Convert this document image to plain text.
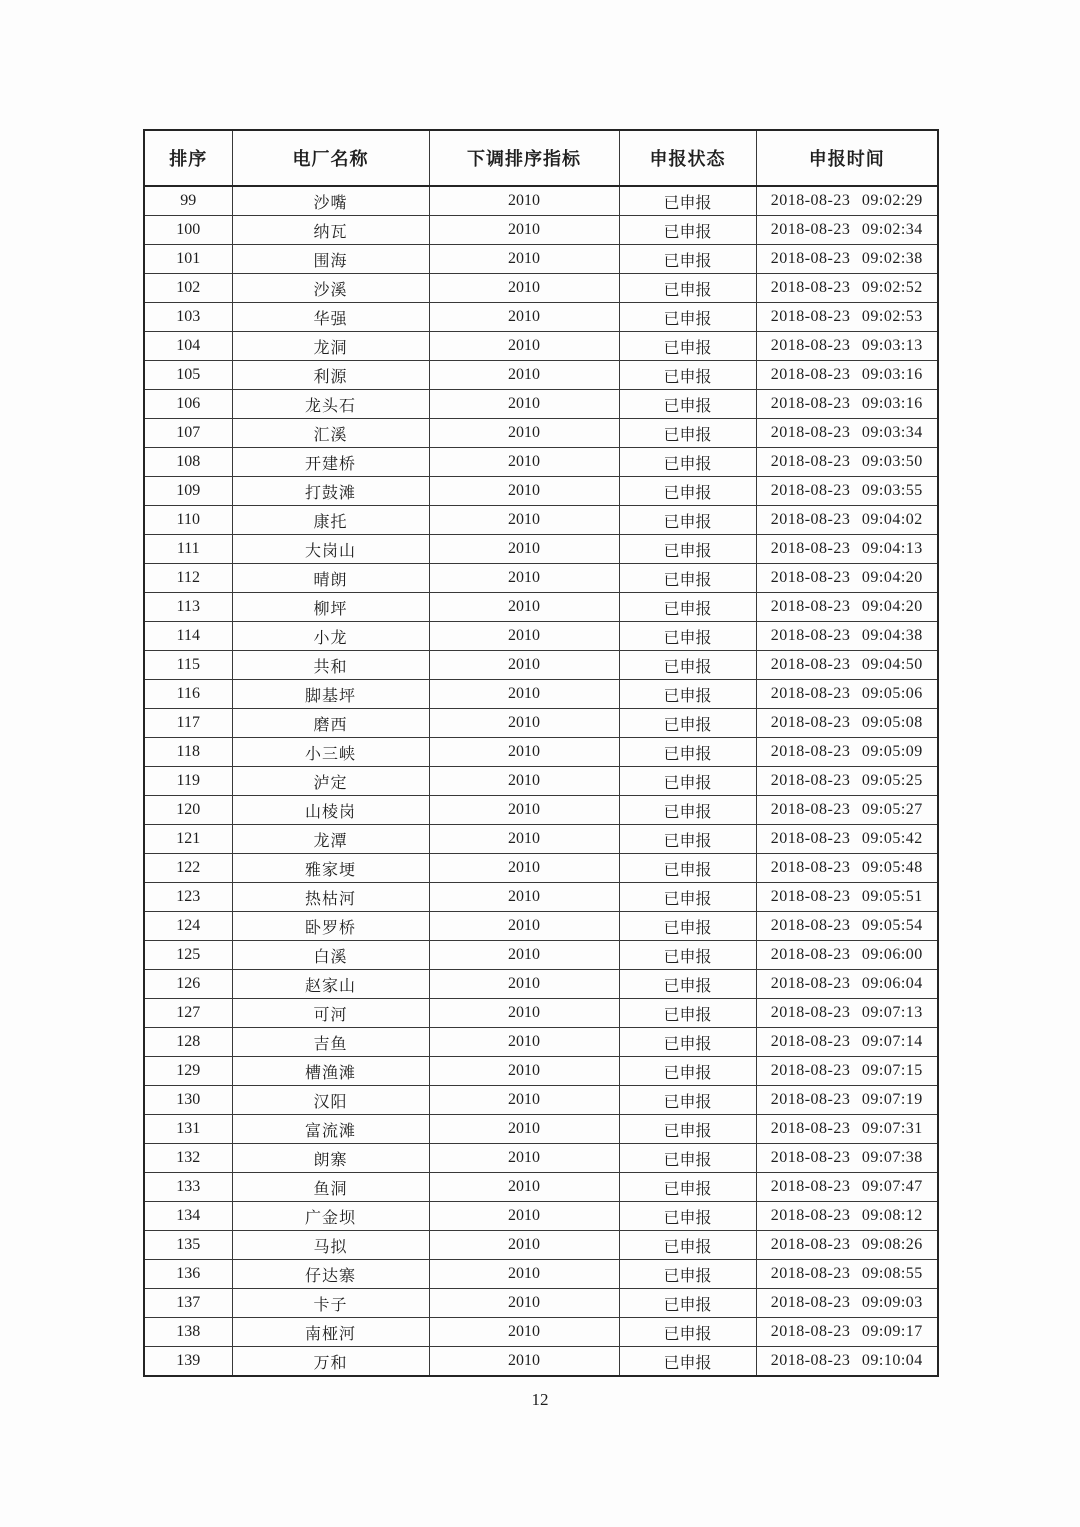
排序	电厂名称	下调排序指标	申报状态	申报时间
99	沙嘴	2010	已申报	2018-08-23 09:02:29
100	纳瓦	2010	已申报	2018-08-23 09:02:34
101	围海	2010	已申报	2018-08-23 09:02:38
102	沙溪	2010	已申报	2018-08-23 09:02:52
103	华强	2010	已申报	2018-08-23 09:02:53
104	龙洞	2010	已申报	2018-08-23 09:03:13
105	利源	2010	已申报	2018-08-23 09:03:16
106	龙头石	2010	已申报	2018-08-23 09:03:16
107	汇溪	2010	已申报	2018-08-23 09:03:34
108	开建桥	2010	已申报	2018-08-23 09:03:50
109	打鼓滩	2010	已申报	2018-08-23 09:03:55
110	康托	2010	已申报	2018-08-23 09:04:02
111	大岗山	2010	已申报	2018-08-23 09:04:13
112	晴朗	2010	已申报	2018-08-23 09:04:20
113	柳坪	2010	已申报	2018-08-23 09:04:20
114	小龙	2010	已申报	2018-08-23 09:04:38
115	共和	2010	已申报	2018-08-23 09:04:50
116	脚基坪	2010	已申报	2018-08-23 09:05:06
117	磨西	2010	已申报	2018-08-23 09:05:08
118	小三峡	2010	已申报	2018-08-23 09:05:09
119	泸定	2010	已申报	2018-08-23 09:05:25
120	山棱岗	2010	已申报	2018-08-23 09:05:27
121	龙潭	2010	已申报	2018-08-23 09:05:42
122	雅家埂	2010	已申报	2018-08-23 09:05:48
123	热枯河	2010	已申报	2018-08-23 09:05:51
124	卧罗桥	2010	已申报	2018-08-23 09:05:54
125	白溪	2010	已申报	2018-08-23 09:06:00
126	赵家山	2010	已申报	2018-08-23 09:06:04
127	可河	2010	已申报	2018-08-23 09:07:13
128	吉鱼	2010	已申报	2018-08-23 09:07:14
129	槽渔滩	2010	已申报	2018-08-23 09:07:15
130	汉阳	2010	已申报	2018-08-23 09:07:19
131	富流滩	2010	已申报	2018-08-23 09:07:31
132	朗寨	2010	已申报	2018-08-23 09:07:38
133	鱼洞	2010	已申报	2018-08-23 09:07:47
134	广金坝	2010	已申报	2018-08-23 09:08:12
135	马拟	2010	已申报	2018-08-23 09:08:26
136	仔达寨	2010	已申报	2018-08-23 09:08:55
137	卡子	2010	已申报	2018-08-23 09:09:03
138	南桠河	2010	已申报	2018-08-23 09:09:17
139	万和	2010	已申报	2018-08-23 09:10:04
12
